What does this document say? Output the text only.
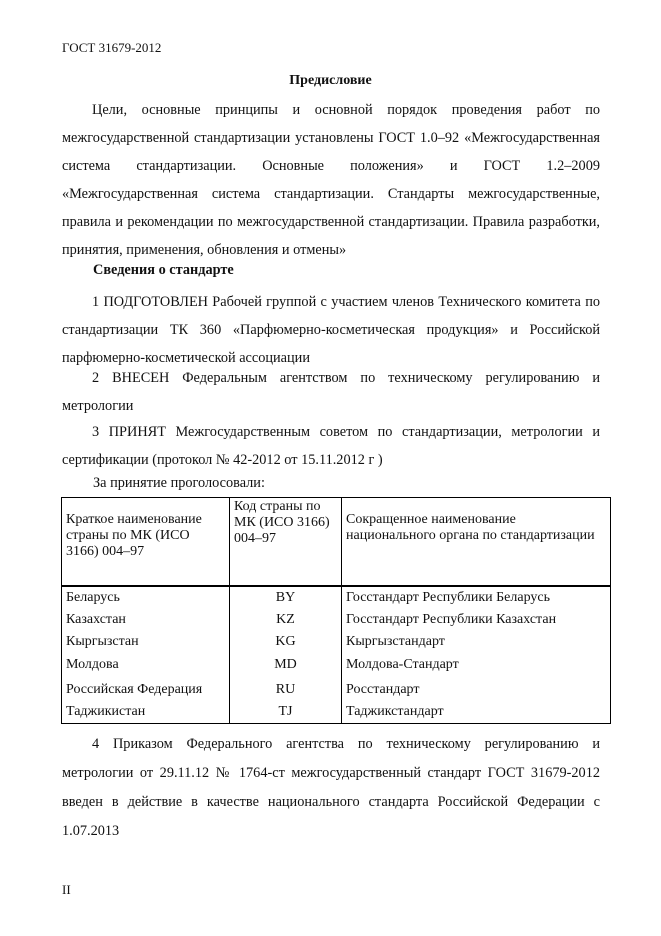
ГОСТ 31679-2012
Предисловие

Цели, основные принципы и основной порядок проведения работ по межгосударственной стандартизации установлены ГОСТ 1.0–92 «Межгосударственная система стандартизации. Основные положения» и ГОСТ 1.2–2009 «Межгосударственная система стандартизации. Стандарты межгосударственные, правила и рекомендации по межгосударственной стандартизации. Правила разработки, принятия, применения, обновления и отмены»

Сведения о стандарте

1 ПОДГОТОВЛЕН Рабочей группой с участием членов Технического комитета по стандартизации ТК 360 «Парфюмерно-косметическая продукция» и Российской парфюмерно-косметической ассоциации

2 ВНЕСЕН Федеральным агентством по техническому регулированию и метрологии

3 ПРИНЯТ Межгосударственным советом по стандартизации, метрологии и сертификации (протокол № 42-2012 от 15.11.2012 г )

За принятие проголосовали:
Краткое наименование страны по МК (ИСО 3166) 004–97	Код страны по МК (ИСО 3166) 004–97	Сокращенное наименование национального органа по стандартизации
Беларусь	BY	Госстандарт Республики Беларусь
Казахстан	KZ	Госстандарт Республики Казахстан
Кыргызстан	KG	Кыргызстандарт
Молдова	MD	Молдова-Стандарт
Российская Федерация	RU	Росстандарт
Таджикистан	TJ	Таджикстандарт

4 Приказом Федерального агентства по техническому регулированию и метрологии от 29.11.12 № 1764-ст межгосударственный стандарт ГОСТ 31679-2012 введен в действие в качестве национального стандарта Российской Федерации с 1.07.2013

II
